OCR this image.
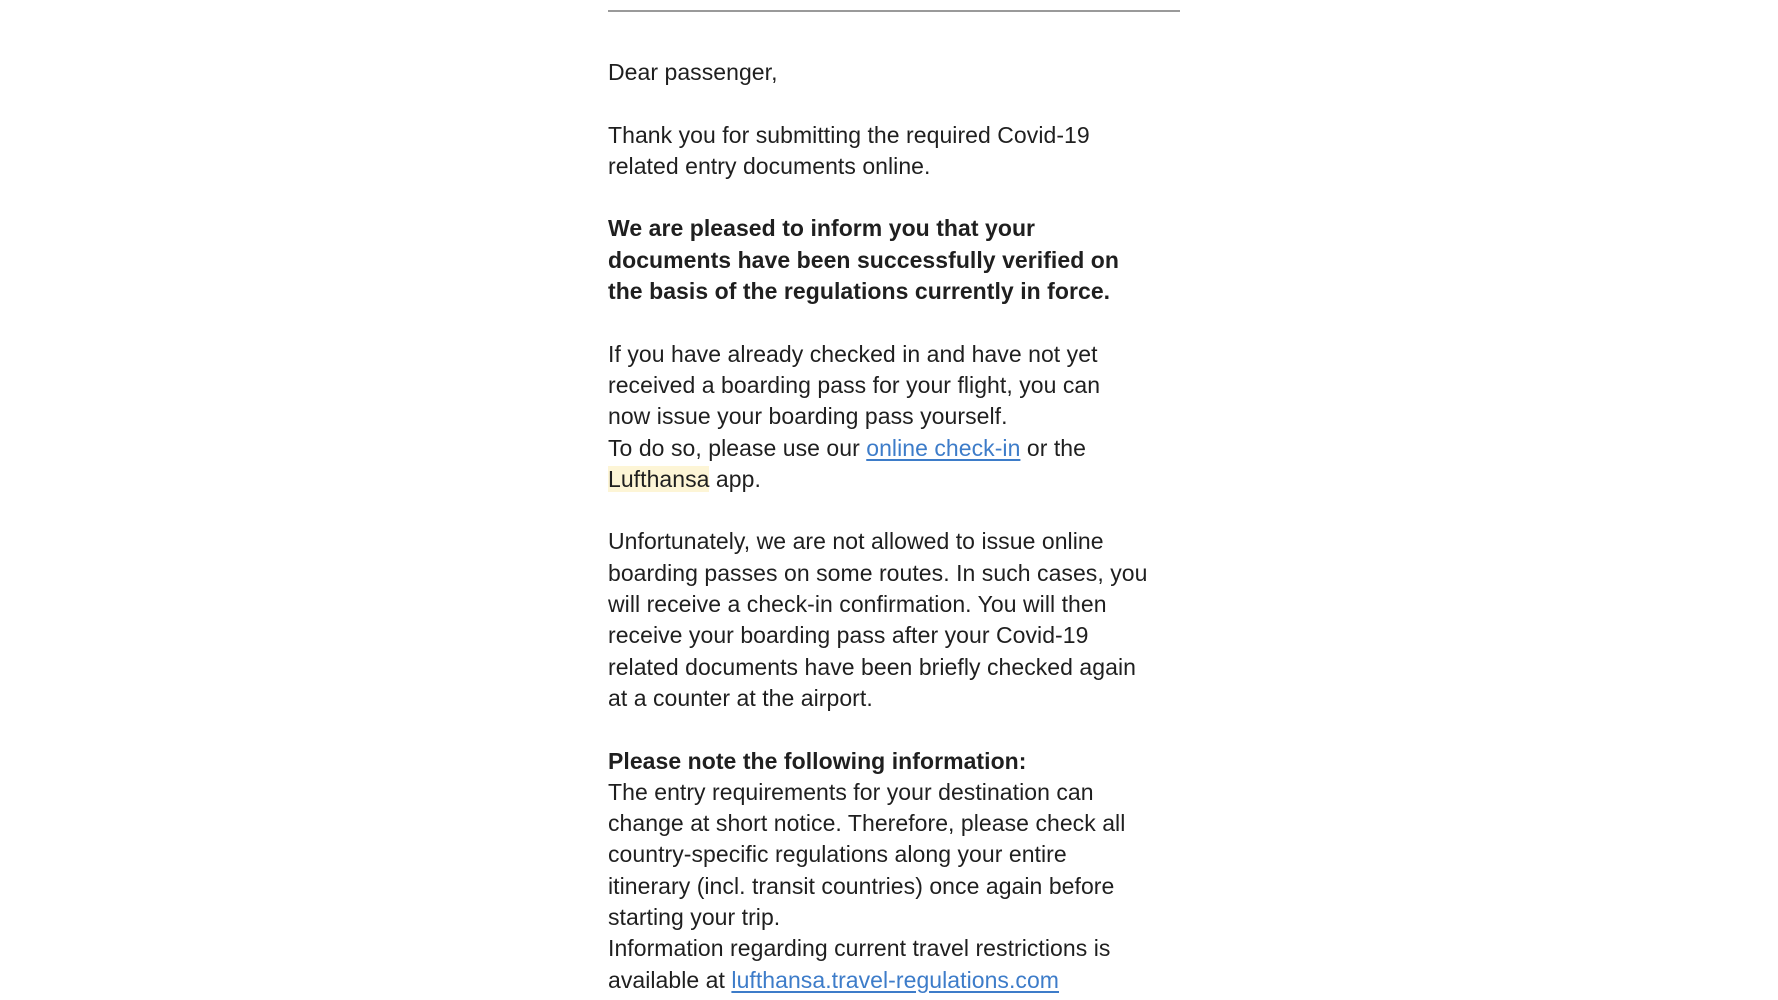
Dear passenger,

Thank you for submitting the required Covid-19
related entry documents online.

We are pleased to inform you that your
documents have been successfully verified on
the basis of the regulations currently in force.

If you have already checked in and have not yet
received a boarding pass for your flight, you can
now issue your boarding pass yourself.
To do so, please use our online check-in or the
Lufthansa app.

Unfortunately, we are not allowed to issue online
boarding passes on some routes. In such cases, you
will receive a check-in confirmation. You will then
receive your boarding pass after your Covid-19
related documents have been briefly checked again
at a counter at the airport.

Please note the following information:
The entry requirements for your destination can
change at short notice. Therefore, please check all
country-specific regulations along your entire
itinerary (incl. transit countries) once again before
starting your trip.
Information regarding current travel restrictions is
available at lufthansa.travel-regulations.com
